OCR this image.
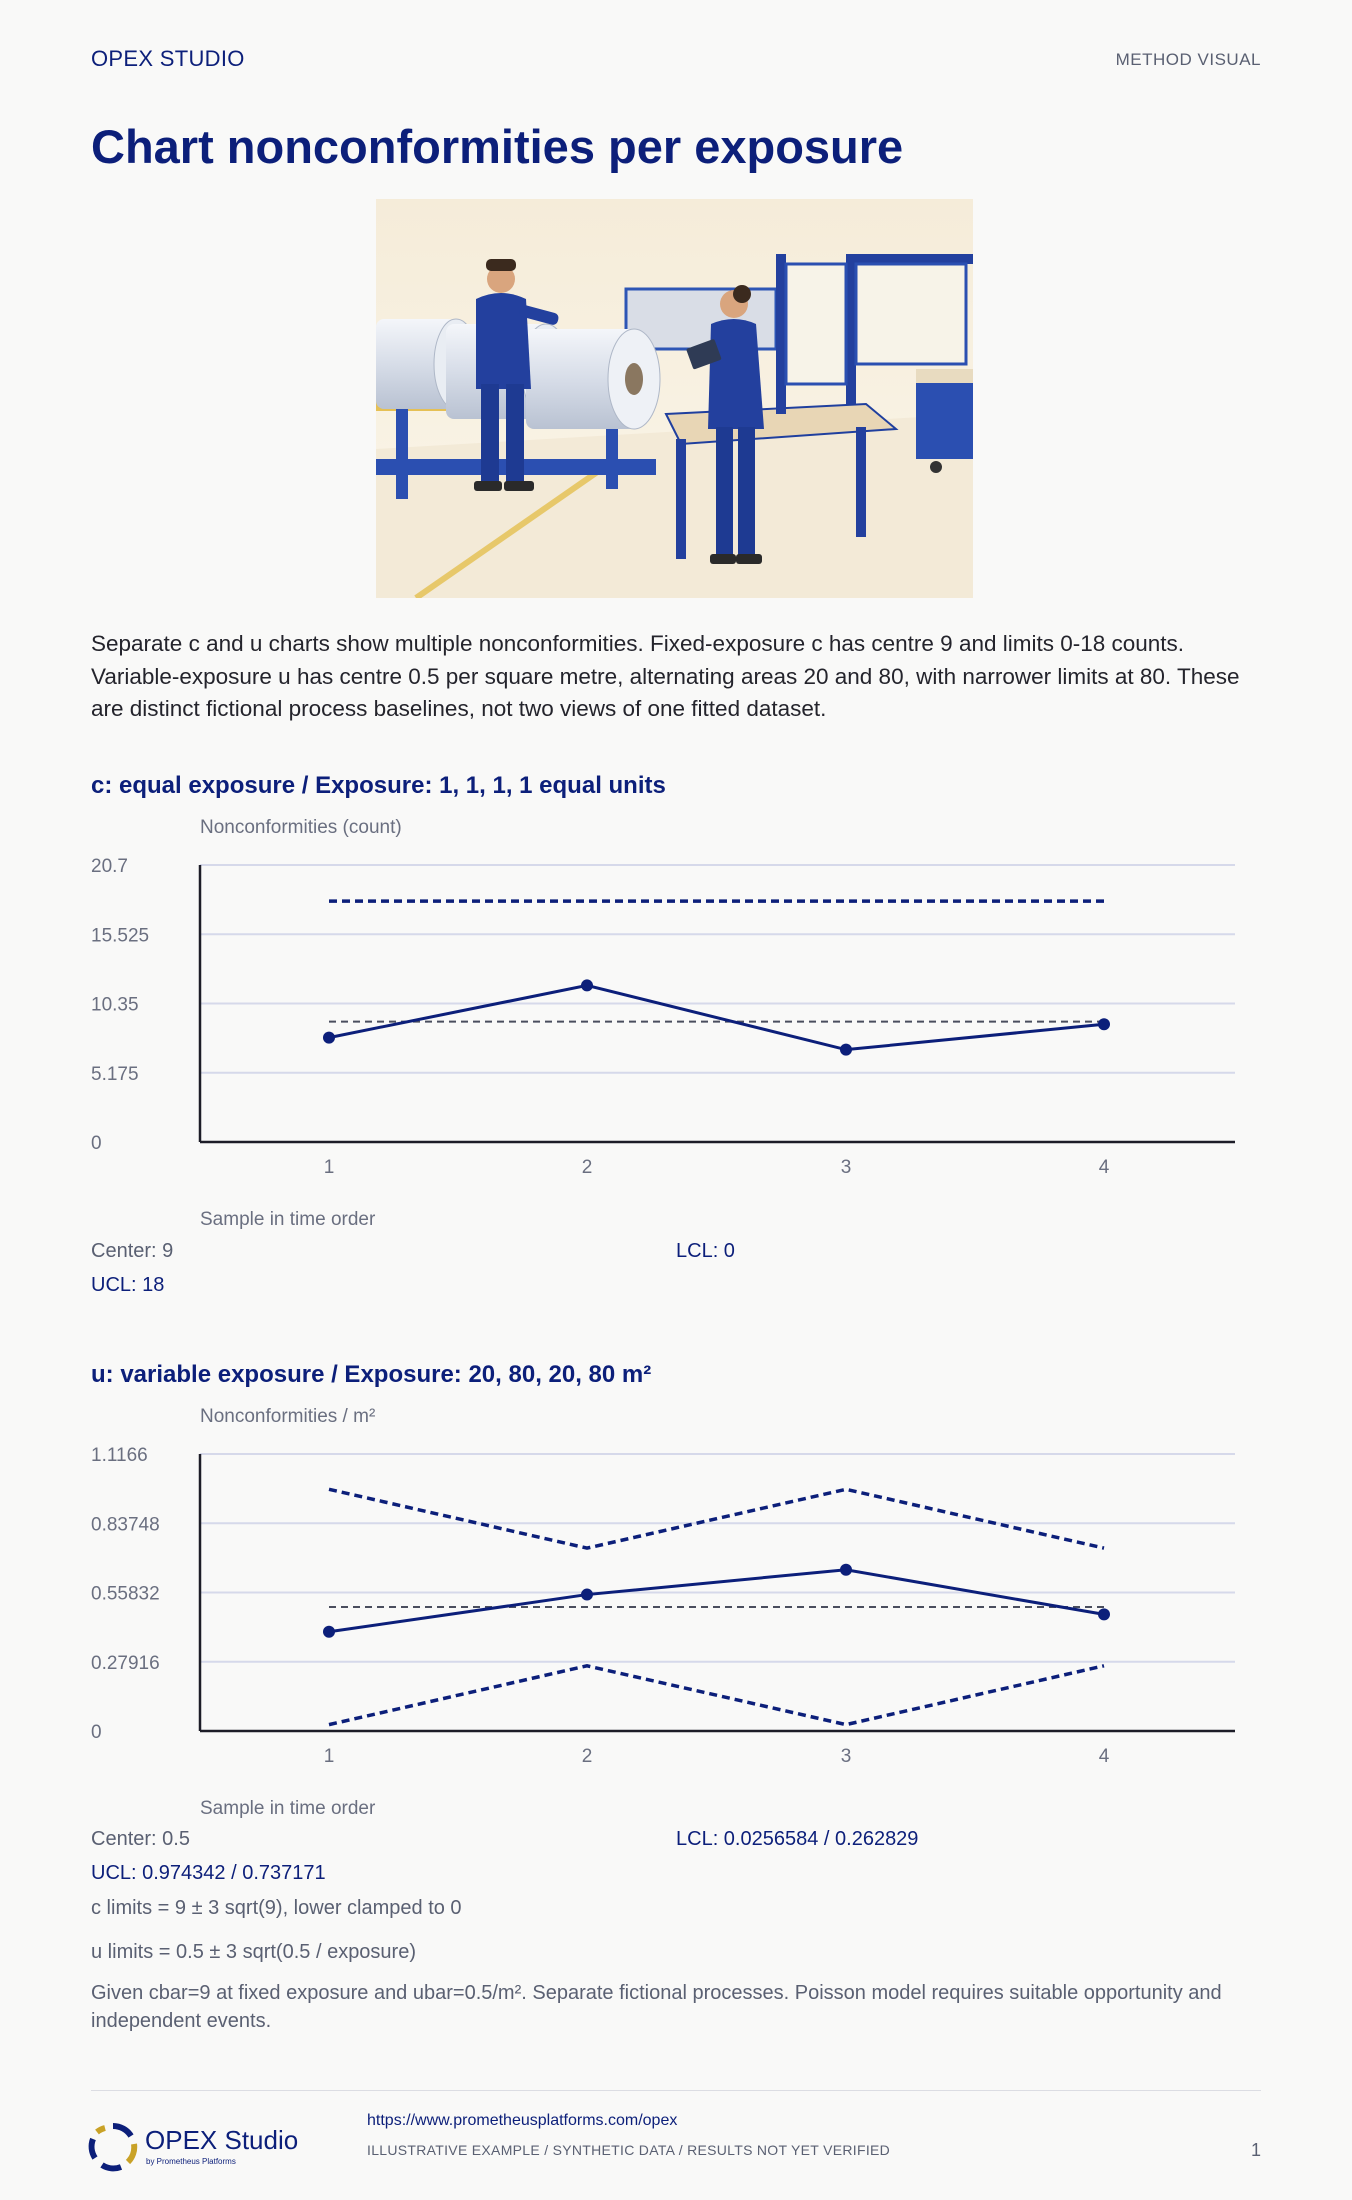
OPEX STUDIO	METHOD VISUAL
Chart nonconformities per exposure

Separate c and u charts show multiple nonconformities. Fixed-exposure c has centre 9 and limits 0-18 counts. Variable-exposure u has centre 0.5 per square metre, alternating areas 20 and 80, with narrower limits at 80. These are distinct fictional process baselines, not two views of one fitted dataset.

c: equal exposure / Exposure: 1, 1, 1, 1 equal units
Nonconformities (count)
0
5.175
10.35
15.525
20.7
1	2	3	4
Sample in time order
Center: 9	LCL: 0
UCL: 18
u: variable exposure / Exposure: 20, 80, 20, 80 m²
Nonconformities / m²
0
0.27916
0.55832
0.83748
1.1166
1	2	3	4
Sample in time order
Center: 0.5	LCL: 0.0256584 / 0.262829
UCL: 0.974342 / 0.737171
c limits = 9 ± 3 sqrt(9), lower clamped to 0
u limits = 0.5 ± 3 sqrt(0.5 / exposure)

Given cbar=9 at fixed exposure and ubar=0.5/m². Separate fictional processes. Poisson model requires suitable opportunity and independent events.

OPEX Studio
by Prometheus Platforms
https://www.prometheusplatforms.com/opex
ILLUSTRATIVE EXAMPLE / SYNTHETIC DATA / RESULTS NOT YET VERIFIED	1
